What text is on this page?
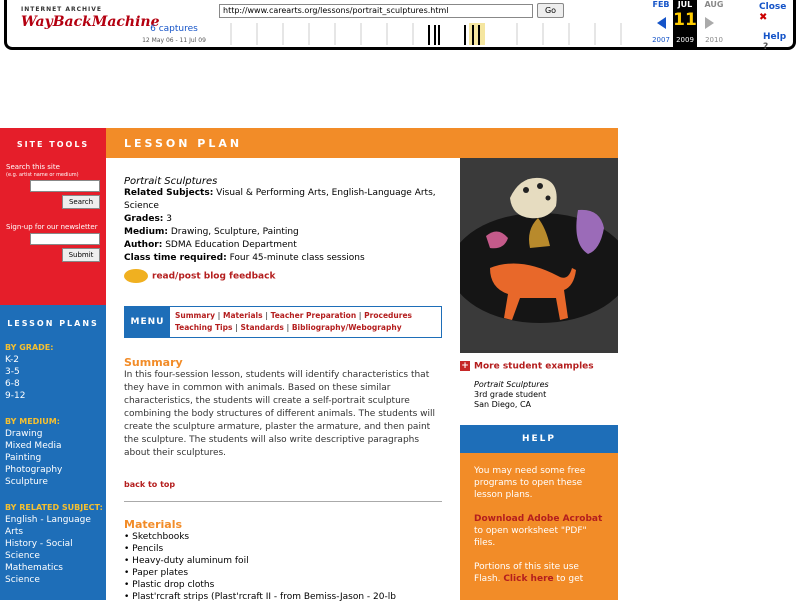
INTERNET ARCHIVE
WayBackMachine
http://www.carearts.org/lessons/portrait_sculptures.html	Go
6 captures
12 May 06 - 11 Jul 09
JUL
FEB	AUG
11
2007 2009	2010
Close ✖
Help ?
LESSON PLAN
SITE TOOLS
Search this site
(e.g. artist name or medium)
Search
Sign-up for our newsletter
Submit
LESSON PLANS
BY GRADE:
K-2
3-5
6-8
9-12
BY MEDIUM:
Drawing
Mixed Media
Painting
Photography
Sculpture
BY RELATED SUBJECT:
English - Language Arts
History - Social Science
Mathematics
Science
Portrait Sculptures
Related Subjects: Visual & Performing Arts, English-Language Arts, Science
Grades: 3
Medium: Drawing, Sculpture, Painting
Author: SDMA Education Department
Class time required: Four 45-minute class sessions
read/post blog feedback
MENU
Summary | Materials | Teacher Preparation | Procedures
Teaching Tips | Standards | Bibliography/Webography
Summary
In this four-session lesson, students will identify characteristics that they have in common with animals. Based on these similar characteristics, the students will create a self-portrait sculpture combining the body structures of different animals. The students will create the sculpture armature, plaster the armature, and then paint the sculpture. The students will also write descriptive paragraphs about their sculptures.
back to top
Materials
• Sketchbooks
• Pencils
• Heavy-duty aluminum foil
• Paper plates
• Plastic drop cloths
• Plast'rcraft strips (Plast'rcraft II - from Bemiss-Jason - 20-lb
+ More student examples
Portrait Sculptures
3rd grade student
San Diego, CA
HELP
You may need some free programs to open these lesson plans.
Download Adobe Acrobat to open worksheet "PDF" files.
Portions of this site use Flash. Click here to get
